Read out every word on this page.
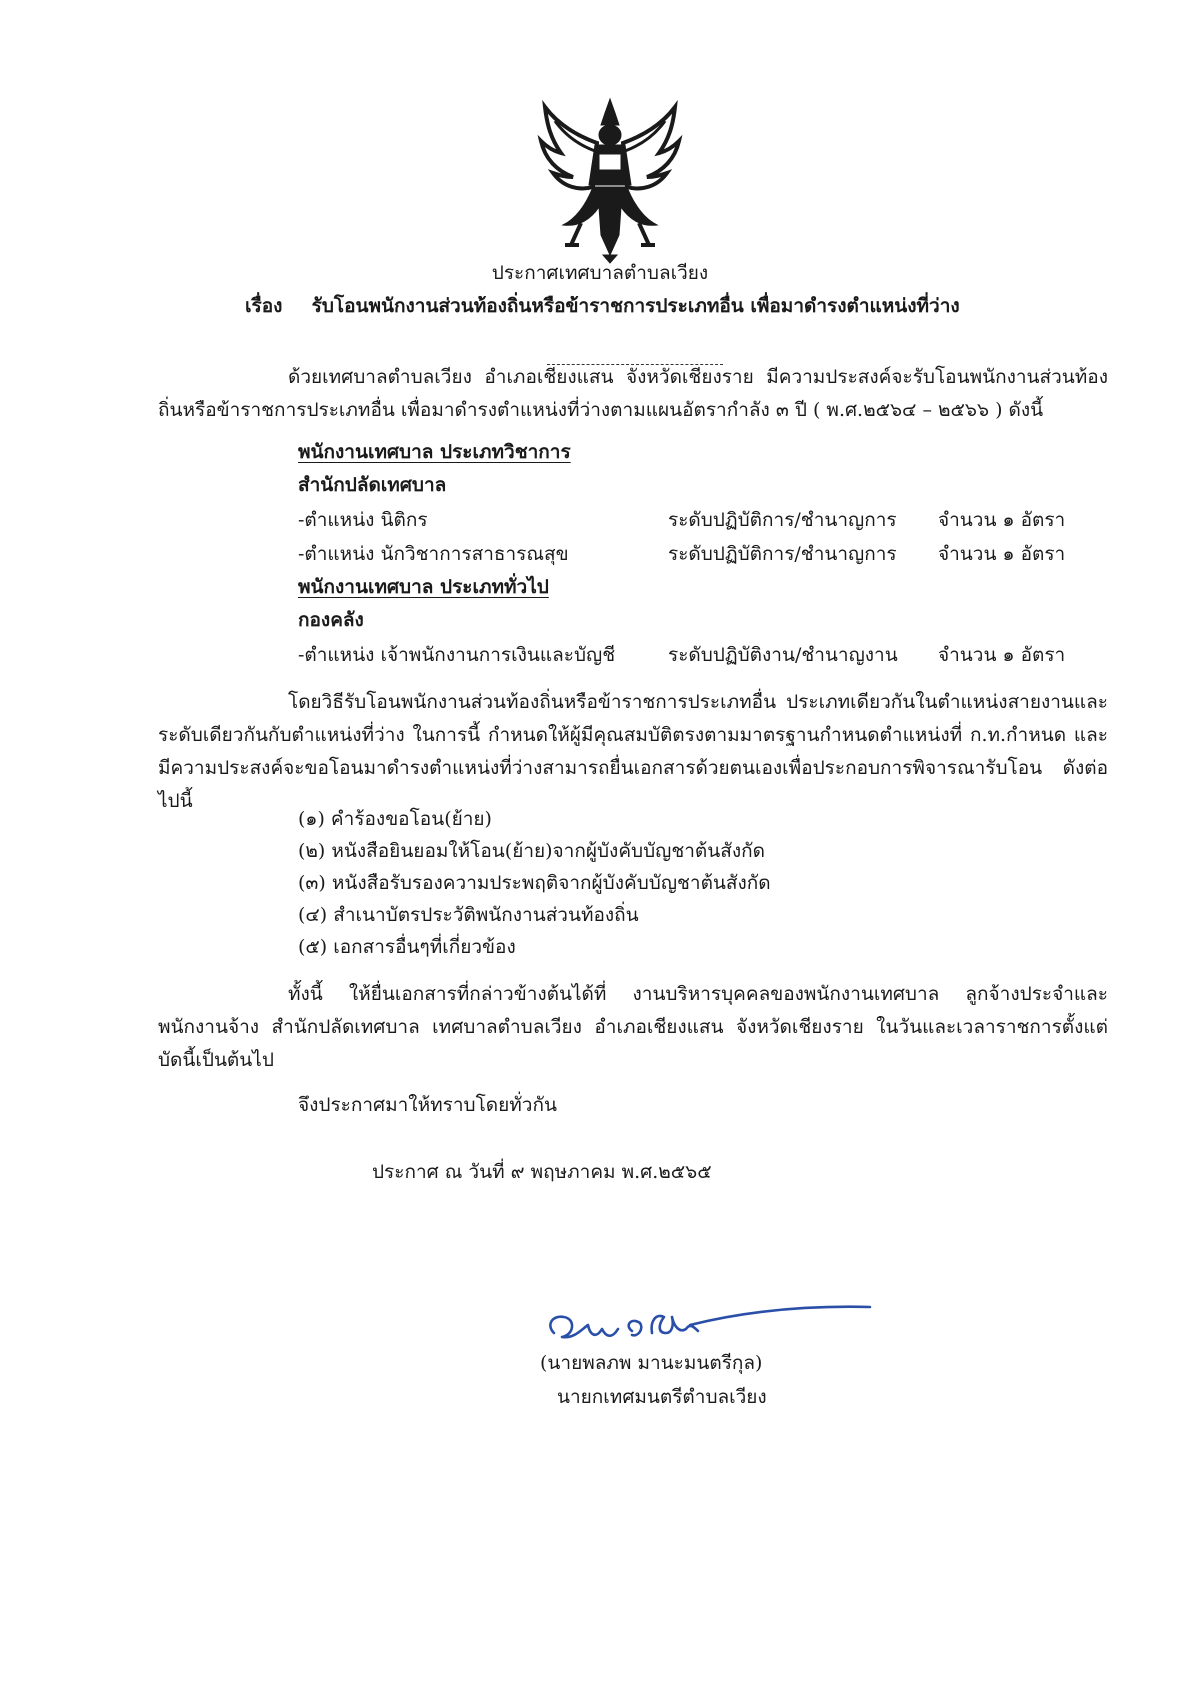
ประกาศเทศบาลตำบลเวียง
เรื่อง รับโอนพนักงานส่วนท้องถิ่นหรือข้าราชการประเภทอื่น เพื่อมาดำรงตำแหน่งที่ว่าง
ด้วยเทศบาลตำบลเวียง อำเภอเชียงแสน จังหวัดเชียงราย มีความประสงค์จะรับโอนพนักงานส่วนท้องถิ่นหรือข้าราชการประเภทอื่น เพื่อมาดำรงตำแหน่งที่ว่างตามแผนอัตรากำลัง ๓ ปี ( พ.ศ.๒๕๖๔ – ๒๕๖๖ ) ดังนี้
พนักงานเทศบาล ประเภทวิชาการ
สำนักปลัดเทศบาล
-ตำแหน่ง นิติกร	ระดับปฏิบัติการ/ชำนาญการ จำนวน ๑ อัตรา
-ตำแหน่ง นักวิชาการสาธารณสุข	ระดับปฏิบัติการ/ชำนาญการ จำนวน ๑ อัตรา
พนักงานเทศบาล ประเภททั่วไป
กองคลัง
-ตำแหน่ง เจ้าพนักงานการเงินและบัญชี	ระดับปฏิบัติงาน/ชำนาญงาน จำนวน ๑ อัตรา
โดยวิธีรับโอนพนักงานส่วนท้องถิ่นหรือข้าราชการประเภทอื่น ประเภทเดียวกันในตำแหน่งสายงานและระดับเดียวกันกับตำแหน่งที่ว่าง ในการนี้ กำหนดให้ผู้มีคุณสมบัติตรงตามมาตรฐานกำหนดตำแหน่งที่ ก.ท.กำหนด และมีความประสงค์จะขอโอนมาดำรงตำแหน่งที่ว่างสามารถยื่นเอกสารด้วยตนเองเพื่อประกอบการพิจารณารับโอน ดังต่อไปนี้
(๑) คำร้องขอโอน(ย้าย)
(๒) หนังสือยินยอมให้โอน(ย้าย)จากผู้บังคับบัญชาต้นสังกัด
(๓) หนังสือรับรองความประพฤติจากผู้บังคับบัญชาต้นสังกัด
(๔) สำเนาบัตรประวัติพนักงานส่วนท้องถิ่น
(๕) เอกสารอื่นๆที่เกี่ยวข้อง
ทั้งนี้ ให้ยื่นเอกสารที่กล่าวข้างต้นได้ที่ งานบริหารบุคคลของพนักงานเทศบาล ลูกจ้างประจำและพนักงานจ้าง สำนักปลัดเทศบาล เทศบาลตำบลเวียง อำเภอเชียงแสน จังหวัดเชียงราย ในวันและเวลาราชการตั้งแต่บัดนี้เป็นต้นไป
จึงประกาศมาให้ทราบโดยทั่วกัน
ประกาศ ณ วันที่ ๙ พฤษภาคม พ.ศ.๒๕๖๕
(นายพลภพ มานะมนตรีกุล)
นายกเทศมนตรีตำบลเวียง
